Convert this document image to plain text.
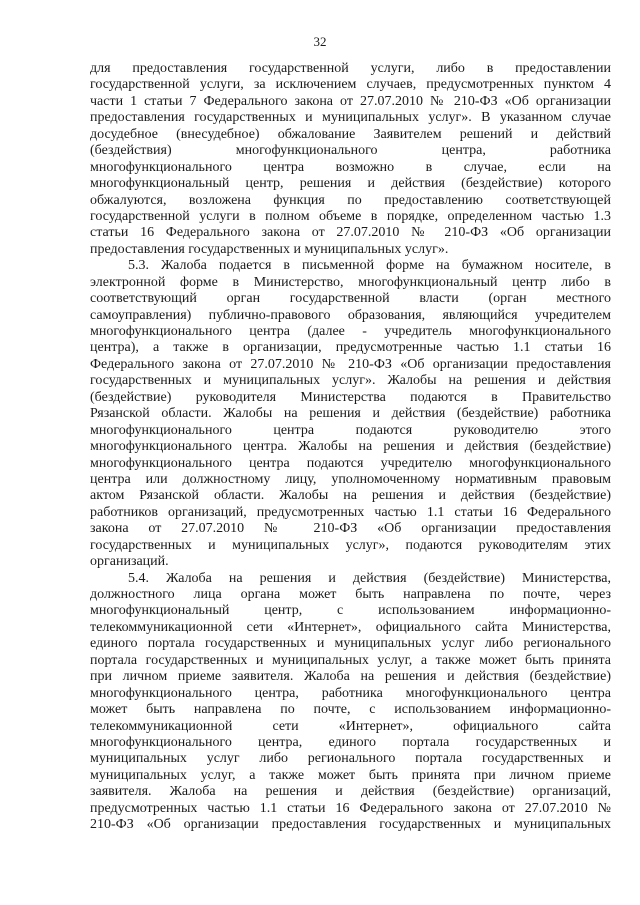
32
для предоставления государственной услуги, либо в предоставлении
государственной услуги, за исключением случаев, предусмотренных пунктом 4
части 1 статьи 7 Федерального закона от 27.07.2010 № 210-ФЗ «Об организации
предоставления государственных и муниципальных услуг». В указанном случае
досудебное (внесудебное) обжалование Заявителем решений и действий
(бездействия) многофункционального центра, работника
многофункционального центра возможно в случае, если на
многофункциональный центр, решения и действия (бездействие) которого
обжалуются, возложена функция по предоставлению соответствующей
государственной услуги в полном объеме в порядке, определенном частью 1.3
статьи 16 Федерального закона от 27.07.2010 № 210-ФЗ «Об организации
предоставления государственных и муниципальных услуг».
5.3. Жалоба подается в письменной форме на бумажном носителе, в
электронной форме в Министерство, многофункциональный центр либо в
соответствующий орган государственной власти (орган местного
самоуправления) публично-правового образования, являющийся учредителем
многофункционального центра (далее - учредитель многофункционального
центра), а также в организации, предусмотренные частью 1.1 статьи 16
Федерального закона от 27.07.2010 № 210-ФЗ «Об организации предоставления
государственных и муниципальных услуг». Жалобы на решения и действия
(бездействие) руководителя Министерства подаются в Правительство
Рязанской области. Жалобы на решения и действия (бездействие) работника
многофункционального центра подаются руководителю этого
многофункционального центра. Жалобы на решения и действия (бездействие)
многофункционального центра подаются учредителю многофункционального
центра или должностному лицу, уполномоченному нормативным правовым
актом Рязанской области. Жалобы на решения и действия (бездействие)
работников организаций, предусмотренных частью 1.1 статьи 16 Федерального
закона от 27.07.2010 № 210-ФЗ «Об организации предоставления
государственных и муниципальных услуг», подаются руководителям этих
организаций.
5.4. Жалоба на решения и действия (бездействие) Министерства,
должностного лица органа может быть направлена по почте, через
многофункциональный центр, с использованием информационно-
телекоммуникационной сети «Интернет», официального сайта Министерства,
единого портала государственных и муниципальных услуг либо регионального
портала государственных и муниципальных услуг, а также может быть принята
при личном приеме заявителя. Жалоба на решения и действия (бездействие)
многофункционального центра, работника многофункционального центра
может быть направлена по почте, с использованием информационно-
телекоммуникационной сети «Интернет», официального сайта
многофункционального центра, единого портала государственных и
муниципальных услуг либо регионального портала государственных и
муниципальных услуг, а также может быть принята при личном приеме
заявителя. Жалоба на решения и действия (бездействие) организаций,
предусмотренных частью 1.1 статьи 16 Федерального закона от 27.07.2010 №
210-ФЗ «Об организации предоставления государственных и муниципальных
